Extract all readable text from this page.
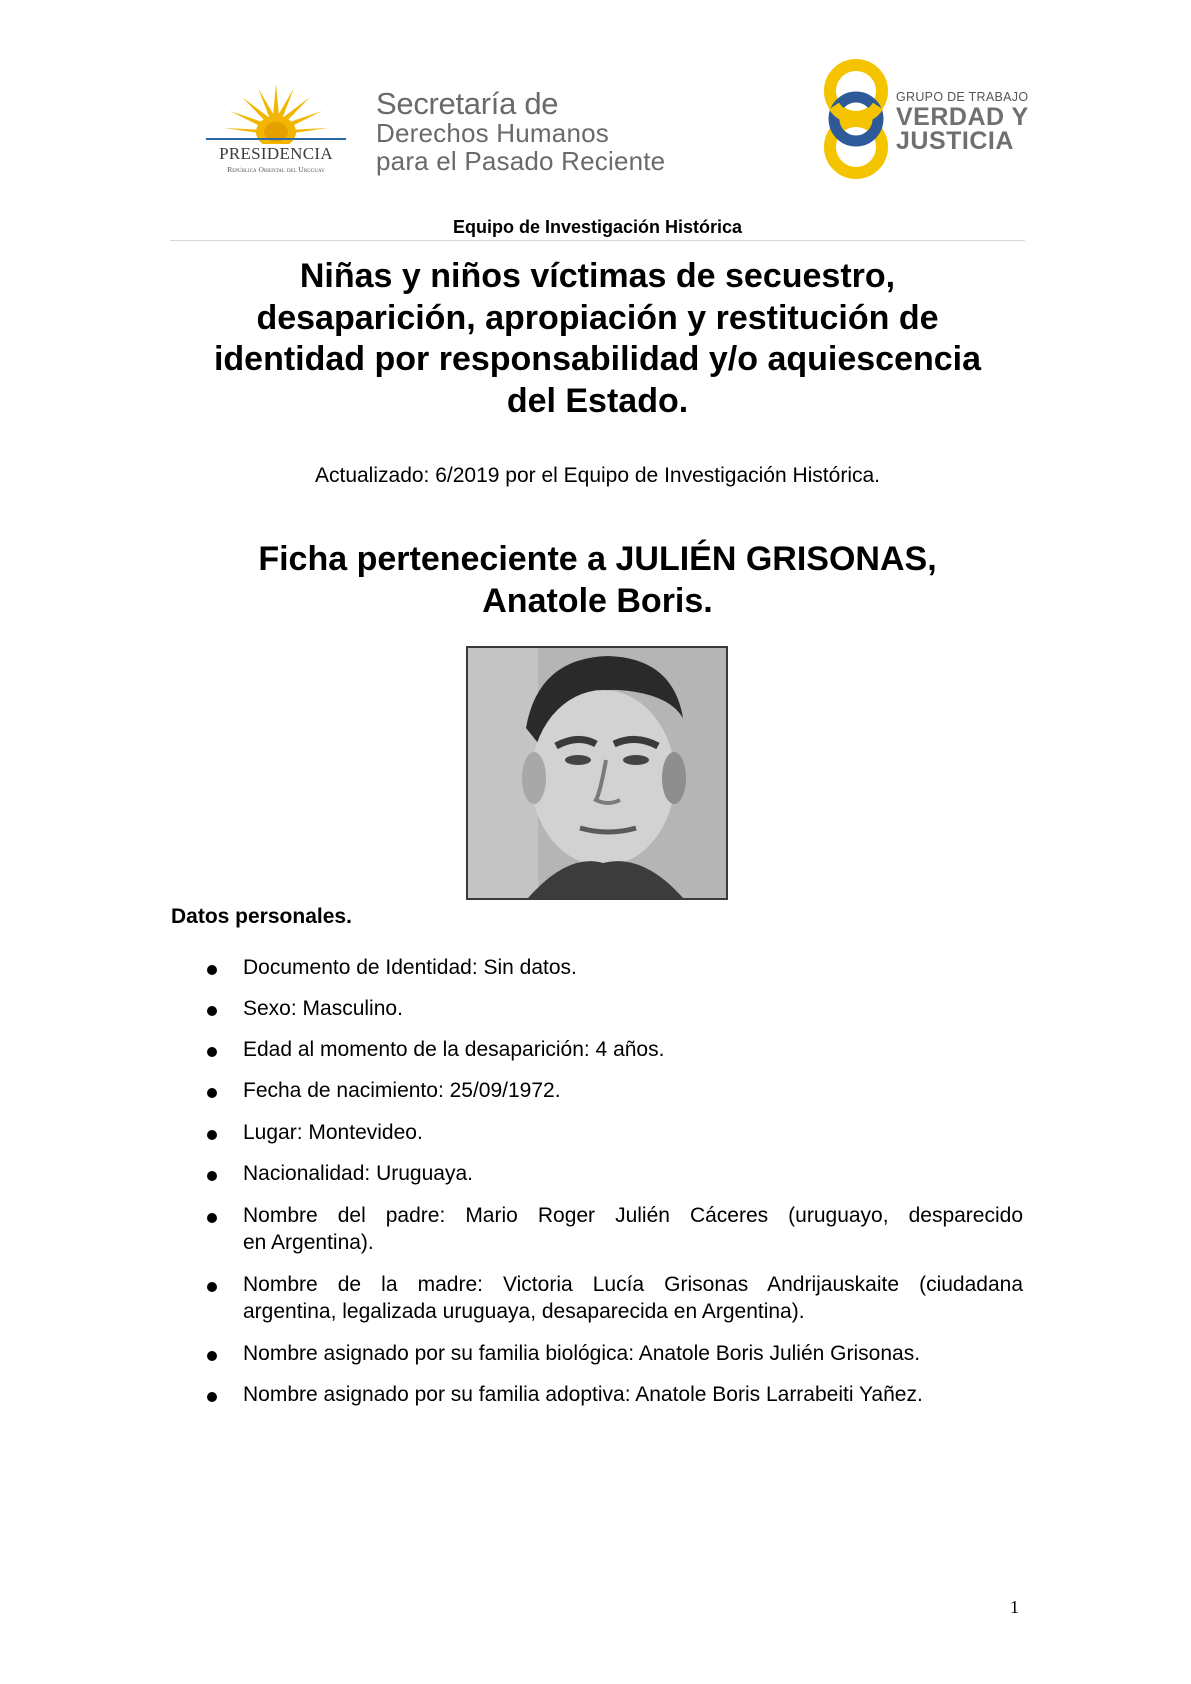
PRESIDENCIA
República Oriental del Uruguay
Secretaría de
Derechos Humanos
para el Pasado Reciente
GRUPO DE TRABAJO
VERDAD Y
JUSTICIA
Equipo de Investigación Histórica
Niñas y niños víctimas de secuestro,
desaparición, apropiación y restitución de
identidad por responsabilidad y/o aquiescencia
del Estado.
Actualizado: 6/2019 por el Equipo de Investigación Histórica.
Ficha perteneciente a JULIÉN GRISONAS,
Anatole Boris.
Datos personales.
Documento de Identidad: Sin datos.
Sexo: Masculino.
Edad al momento de la desaparición: 4 años.
Fecha de nacimiento: 25/09/1972.
Lugar: Montevideo.
Nacionalidad: Uruguaya.
Nombre del padre: Mario Roger Julién Cáceres (uruguayo, desparecido
en Argentina).
Nombre de la madre: Victoria Lucía Grisonas Andrijauskaite (ciudadana
argentina, legalizada uruguaya, desaparecida en Argentina).
Nombre asignado por su familia biológica: Anatole Boris Julién Grisonas.
Nombre asignado por su familia adoptiva: Anatole Boris Larrabeiti Yañez.
1
